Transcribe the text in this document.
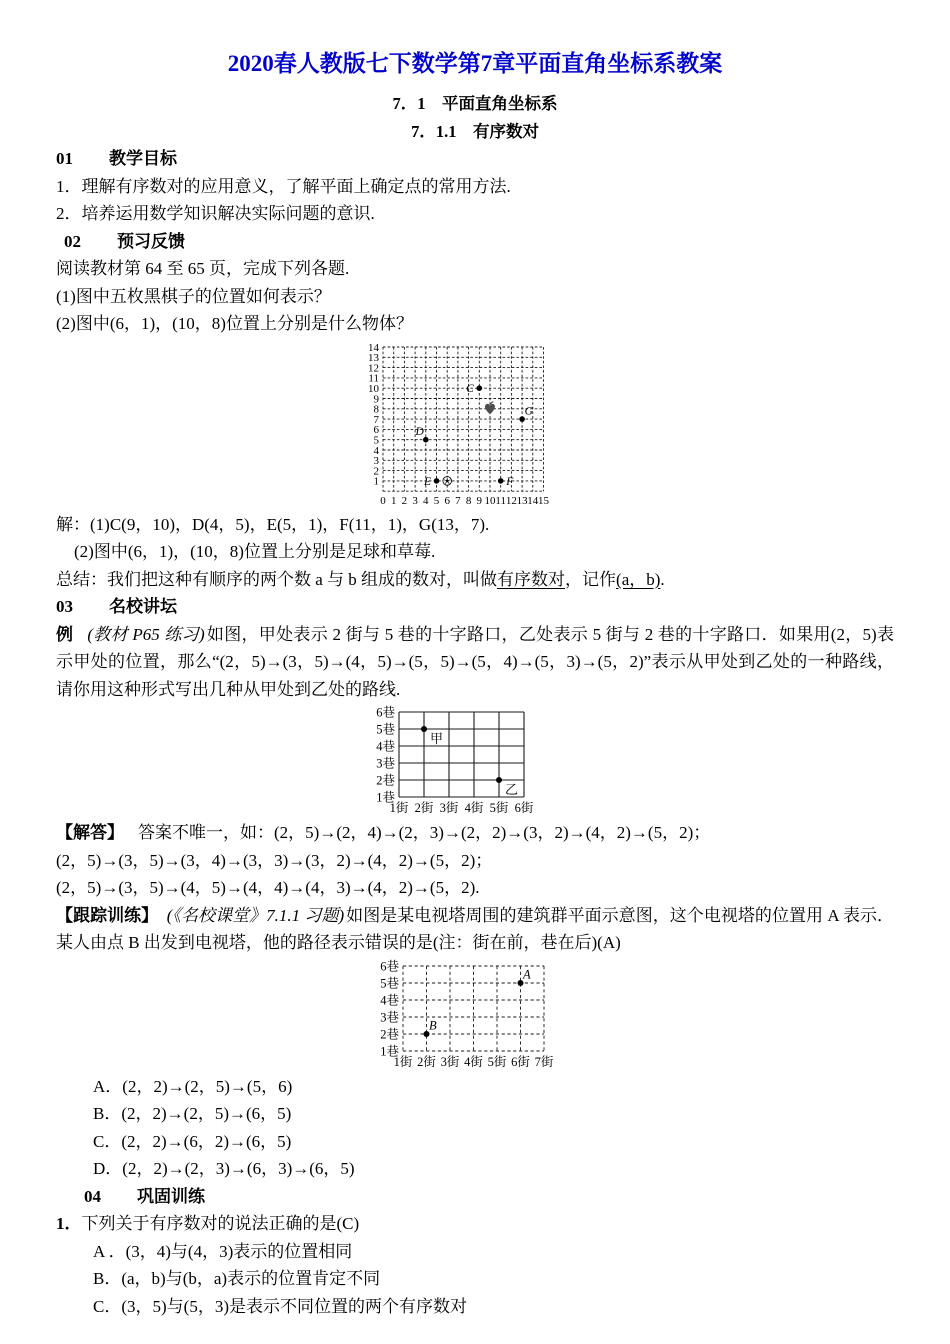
2020春人教版七下数学第7章平面直角坐标系教案
7．1　平面直角坐标系
7．1.1　有序数对
01 教学目标

1．理解有序数对的应用意义，了解平面上确定点的常用方法.

2．培养运用数学知识解决实际问题的意识.

02 预习反馈

阅读教材第 64 至 65 页，完成下列各题.

(1)图中五枚黑棋子的位置如何表示？

(2)图中(6，1)，(10，8)位置上分别是什么物体？

0 1 2 3 4 5 6 7 8 9 10 11 12 13 14 15
1
2
3
4
5
6
7
8
9
10
11
12
13
14
C
G
D
E	F

解：(1)C(9，10)，D(4，5)，E(5，1)，F(11，1)，G(13，7).

(2)图中(6，1)，(10，8)位置上分别是足球和草莓.

总结：我们把这种有顺序的两个数 a 与 b 组成的数对，叫做有序数对，记作(a，b).

03 名校讲坛

例 (教材 P65 练习) 如图，甲处表示 2 街与 5 巷的十字路口，乙处表示 5 街与 2 巷的十字路口．如果用(2，5)表示甲处的位置，那么“(2，5)→(3，5)→(4，5)→(5，5)→(5，4)→(5，3)→(5，2)”表示从甲处到乙处的一种路线，请你用这种形式写出几种从甲处到乙处的路线.

1街 2街 3街 4街 5街 6街
1巷
2巷
3巷
4巷
5巷
6巷
甲
乙

【解答】 答案不唯一，如：(2，5)→(2，4)→(2，3)→(2，2)→(3，2)→(4，2)→(5，2)；

(2，5)→(3，5)→(3，4)→(3，3)→(3，2)→(4，2)→(5，2)；

(2，5)→(3，5)→(4，5)→(4，4)→(4，3)→(4，2)→(5，2).

【跟踪训练】　 (《名校课堂》7.1.1 习题) 如图是某电视塔周围的建筑群平面示意图，这个电视塔的位置用 A 表示．某人由点 B 出发到电视塔，他的路径表示错误的是(注：街在前，巷在后)(A)

1街 2街 3街 4街 5街 6街 7街
1巷
2巷
3巷
4巷
5巷
6巷
A
B
A．(2，2)→(2，5)→(5，6)
B．(2，2)→(2，5)→(6，5)
C．(2，2)→(6，2)→(6，5)
D．(2，2)→(2，3)→(6，3)→(6，5)
04 巩固训练

1．下列关于有序数对的说法正确的是(C)

A ．(3，4)与(4，3)表示的位置相同
B．(a，b)与(b，a)表示的位置肯定不同
C．(3，5)与(5，3)是表示不同位置的两个有序数对
